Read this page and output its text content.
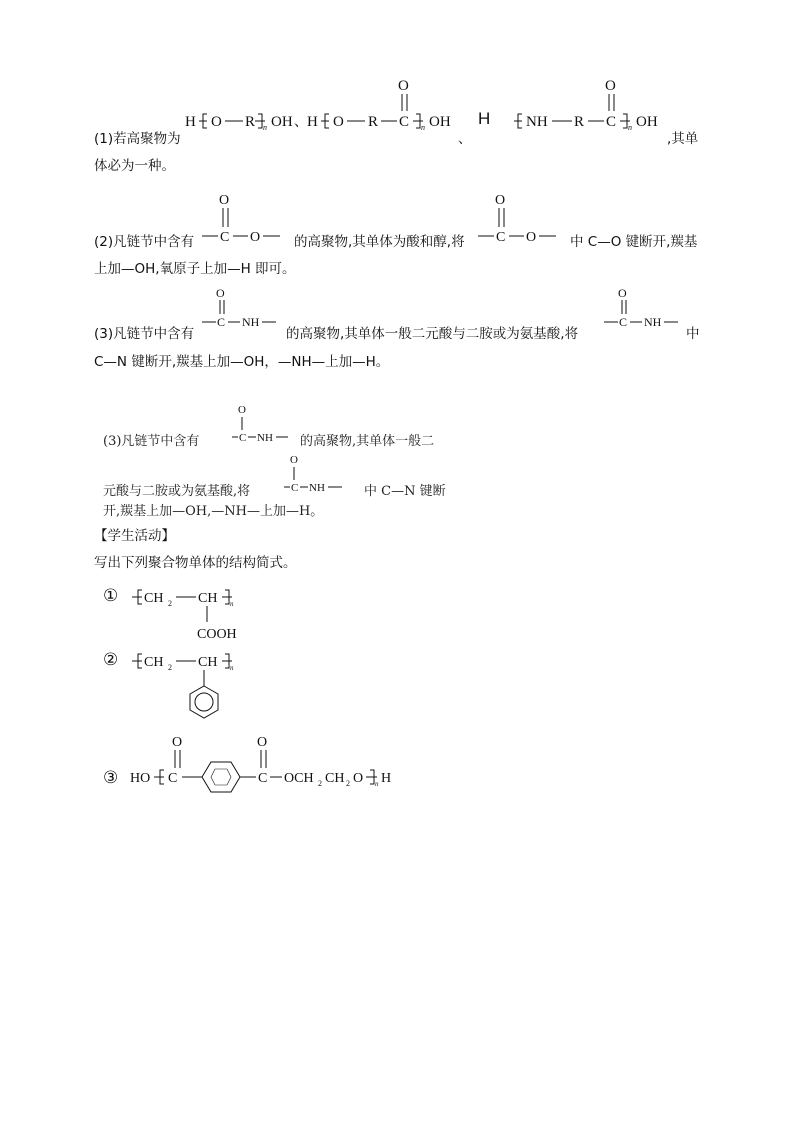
(1)若高聚物为
H O R n OH 、 H O R C
O
n OH
、
H NH R C
O
n OH
,其单
体必为一种。
(2)凡链节中含有 C
O
O	的高聚物,其单体为酸和醇,将 C
O
O	中 C—O 键断开,羰基
上加—OH,氧原子上加—H 即可。
(3)凡链节中含有
C
O
NH
的高聚物,其单体一般二元酸与二胺或为氨基酸,将
C
O
NH
中
C—N 键断开,羰基上加—OH，—NH—上加—H。
(3)凡链节中含有	C
O
NH 的高聚物,其单体一般二
元酸与二胺或为氨基酸,将	C
O
NH	中 C—N 键断
开,羰基上加—OH,—NH—上加—H。
【学生活动】
写出下列聚合物单体的结构简式。
① CH 2 CH n
COOH
② CH 2 CH n
③ HO C
O
C
O
OCH 2 CH 2 O n H
